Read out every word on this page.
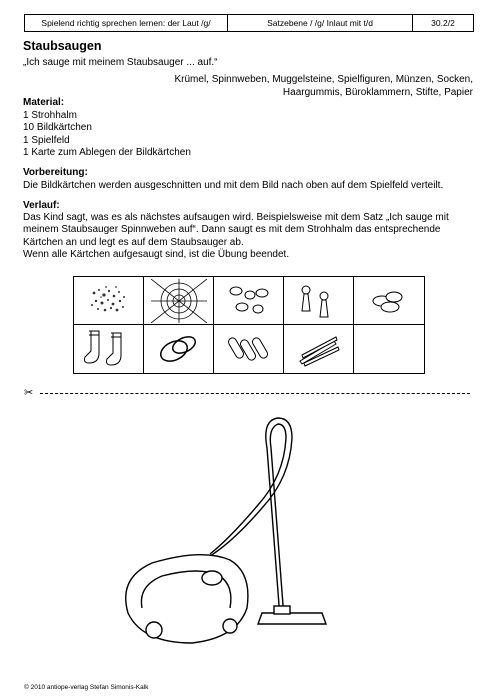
Spielend richtig sprechen lernen: der Laut /g/	Satzebene / /g/ Inlaut mit t/d	30.2/2
Staubsaugen
„Ich sauge mit meinem Staubsauger ... auf.“
Krümel, Spinnweben, Muggelsteine, Spielfiguren, Münzen, Socken, Haargummis, Büroklammern, Stifte, Papier
Material:
1 Strohhalm
10 Bildkärtchen
1 Spielfeld
1 Karte zum Ablegen der Bildkärtchen
Vorbereitung:
Die Bildkärtchen werden ausgeschnitten und mit dem Bild nach oben auf dem Spielfeld verteilt.
Verlauf:
Das Kind sagt, was es als nächstes aufsaugen wird. Beispielsweise mit dem Satz „Ich sauge mit
meinem Staubsauger Spinnweben auf“. Dann saugt es mit dem Strohhalm das entsprechende
Kärtchen an und legt es auf dem Staubsauger ab.
Wenn alle Kärtchen aufgesaugt sind, ist die Übung beendet.
✂
© 2010 antiope-verlag Stefan Simonis-Kalk
